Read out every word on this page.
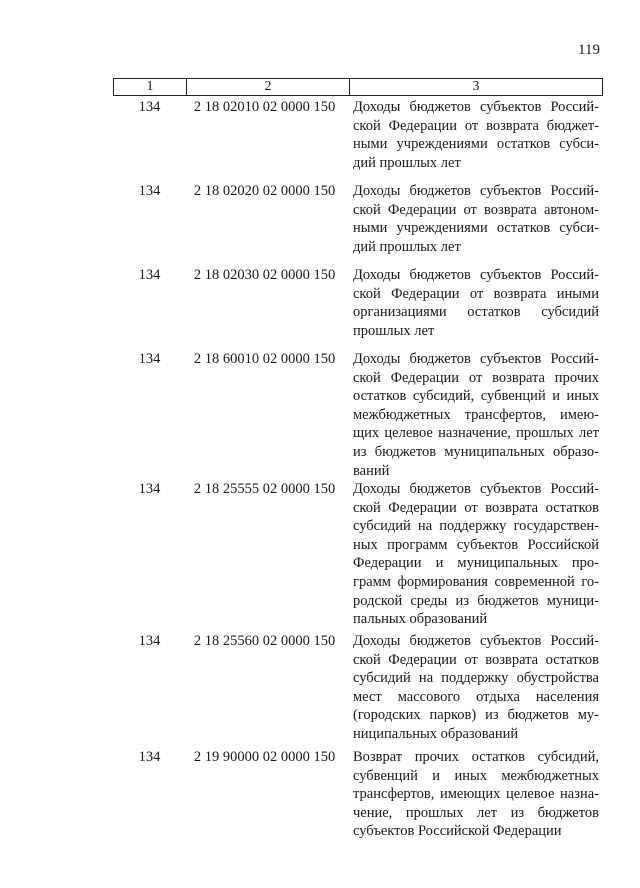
119
1	2	3
134	2 18 02010 02 0000 150	Доходы бюджетов субъектов Россий-ской Федерации от возврата бюджет-ными учреждениями остатков субси-дий прошлых лет
134	2 18 02020 02 0000 150	Доходы бюджетов субъектов Россий-ской Федерации от возврата автоном-ными учреждениями остатков субси-дий прошлых лет
134	2 18 02030 02 0000 150	Доходы бюджетов субъектов Россий-ской Федерации от возврата иными организациями остатков субсидий прошлых лет
134	2 18 60010 02 0000 150	Доходы бюджетов субъектов Россий-ской Федерации от возврата прочих остатков субсидий, субвенций и иных межбюджетных трансфертов, имею-щих целевое назначение, прошлых лет из бюджетов муниципальных образо-ваний
134	2 18 25555 02 0000 150	Доходы бюджетов субъектов Россий-ской Федерации от возврата остатков субсидий на поддержку государствен-ных программ субъектов Российской Федерации и муниципальных про-грамм формирования современной го-родской среды из бюджетов муници-пальных образований
134	2 18 25560 02 0000 150	Доходы бюджетов субъектов Россий-ской Федерации от возврата остатков субсидий на поддержку обустройства мест массового отдыха населения (городских парков) из бюджетов му-ниципальных образований
134	2 19 90000 02 0000 150	Возврат прочих остатков субсидий, субвенций и иных межбюджетных трансфертов, имеющих целевое назна-чение, прошлых лет из бюджетов субъектов Российской Федерации
